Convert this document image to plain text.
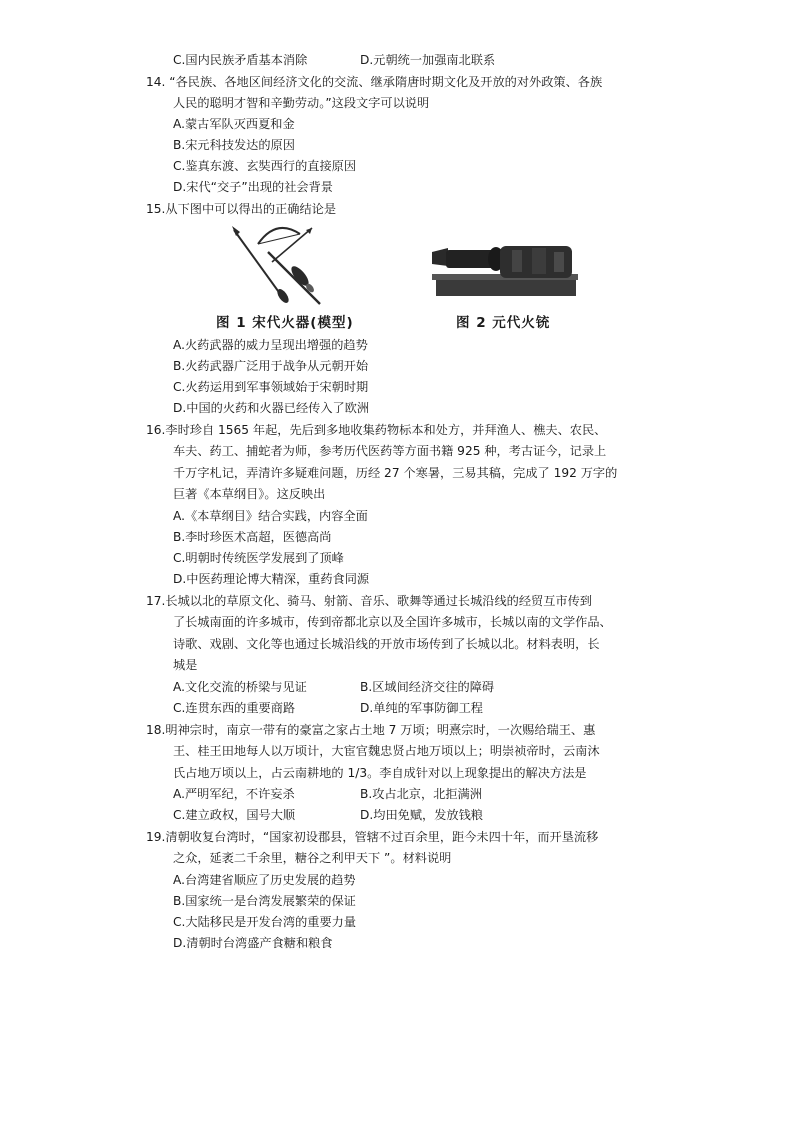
C.国内民族矛盾基本消除	D.元朝统一加强南北联系
14. “各民族、各地区间经济文化的交流、继承隋唐时期文化及开放的对外政策、各族
人民的聪明才智和辛勤劳动。”这段文字可以说明
A.蒙古军队灭西夏和金
B.宋元科技发达的原因
C.鉴真东渡、玄奘西行的直接原因
D.宋代“交子”出现的社会背景
15.从下图中可以得出的正确结论是
图 1 宋代火器(模型)	图 2 元代火铳
A.火药武器的威力呈现出增强的趋势
B.火药武器广泛用于战争从元朝开始
C.火药运用到军事领域始于宋朝时期
D.中国的火药和火器已经传入了欧洲
16.李时珍自 1565 年起，先后到多地收集药物标本和处方，并拜渔人、樵夫、农民、
车夫、药工、捕蛇者为师，参考历代医药等方面书籍 925 种，考古证今，记录上
千万字札记，弄清许多疑难问题，历经 27 个寒暑，三易其稿，完成了 192 万字的
巨著《本草纲目》。这反映出
A.《本草纲目》结合实践，内容全面
B.李时珍医术高超，医德高尚
C.明朝时传统医学发展到了顶峰
D.中医药理论博大精深，重药食同源
17.长城以北的草原文化、骑马、射箭、音乐、歌舞等通过长城沿线的经贸互市传到
了长城南面的许多城市，传到帝都北京以及全国许多城市，长城以南的文学作品、
诗歌、戏剧、文化等也通过长城沿线的开放市场传到了长城以北。材料表明，长
城是
A.文化交流的桥梁与见证	B.区域间经济交往的障碍
C.连贯东西的重要商路	D.单纯的军事防御工程
18.明神宗时，南京一带有的豪富之家占土地 7 万顷；明熹宗时，一次赐给瑞王、惠
王、桂王田地每人以万顷计，大宦官魏忠贤占地万顷以上；明崇祯帝时，云南沐
氏占地万顷以上，占云南耕地的 1/3。李自成针对以上现象提出的解决方法是
A.严明军纪，不许妄杀	B.攻占北京，北拒满洲
C.建立政权，国号大顺	D.均田免赋，发放钱粮
19.清朝收复台湾时，“国家初设郡县，管辖不过百余里，距今未四十年，而开垦流移
之众，延袤二千余里，糖谷之利甲天下 ”。材料说明
A.台湾建省顺应了历史发展的趋势
B.国家统一是台湾发展繁荣的保证
C.大陆移民是开发台湾的重要力量
D.清朝时台湾盛产食糖和粮食
